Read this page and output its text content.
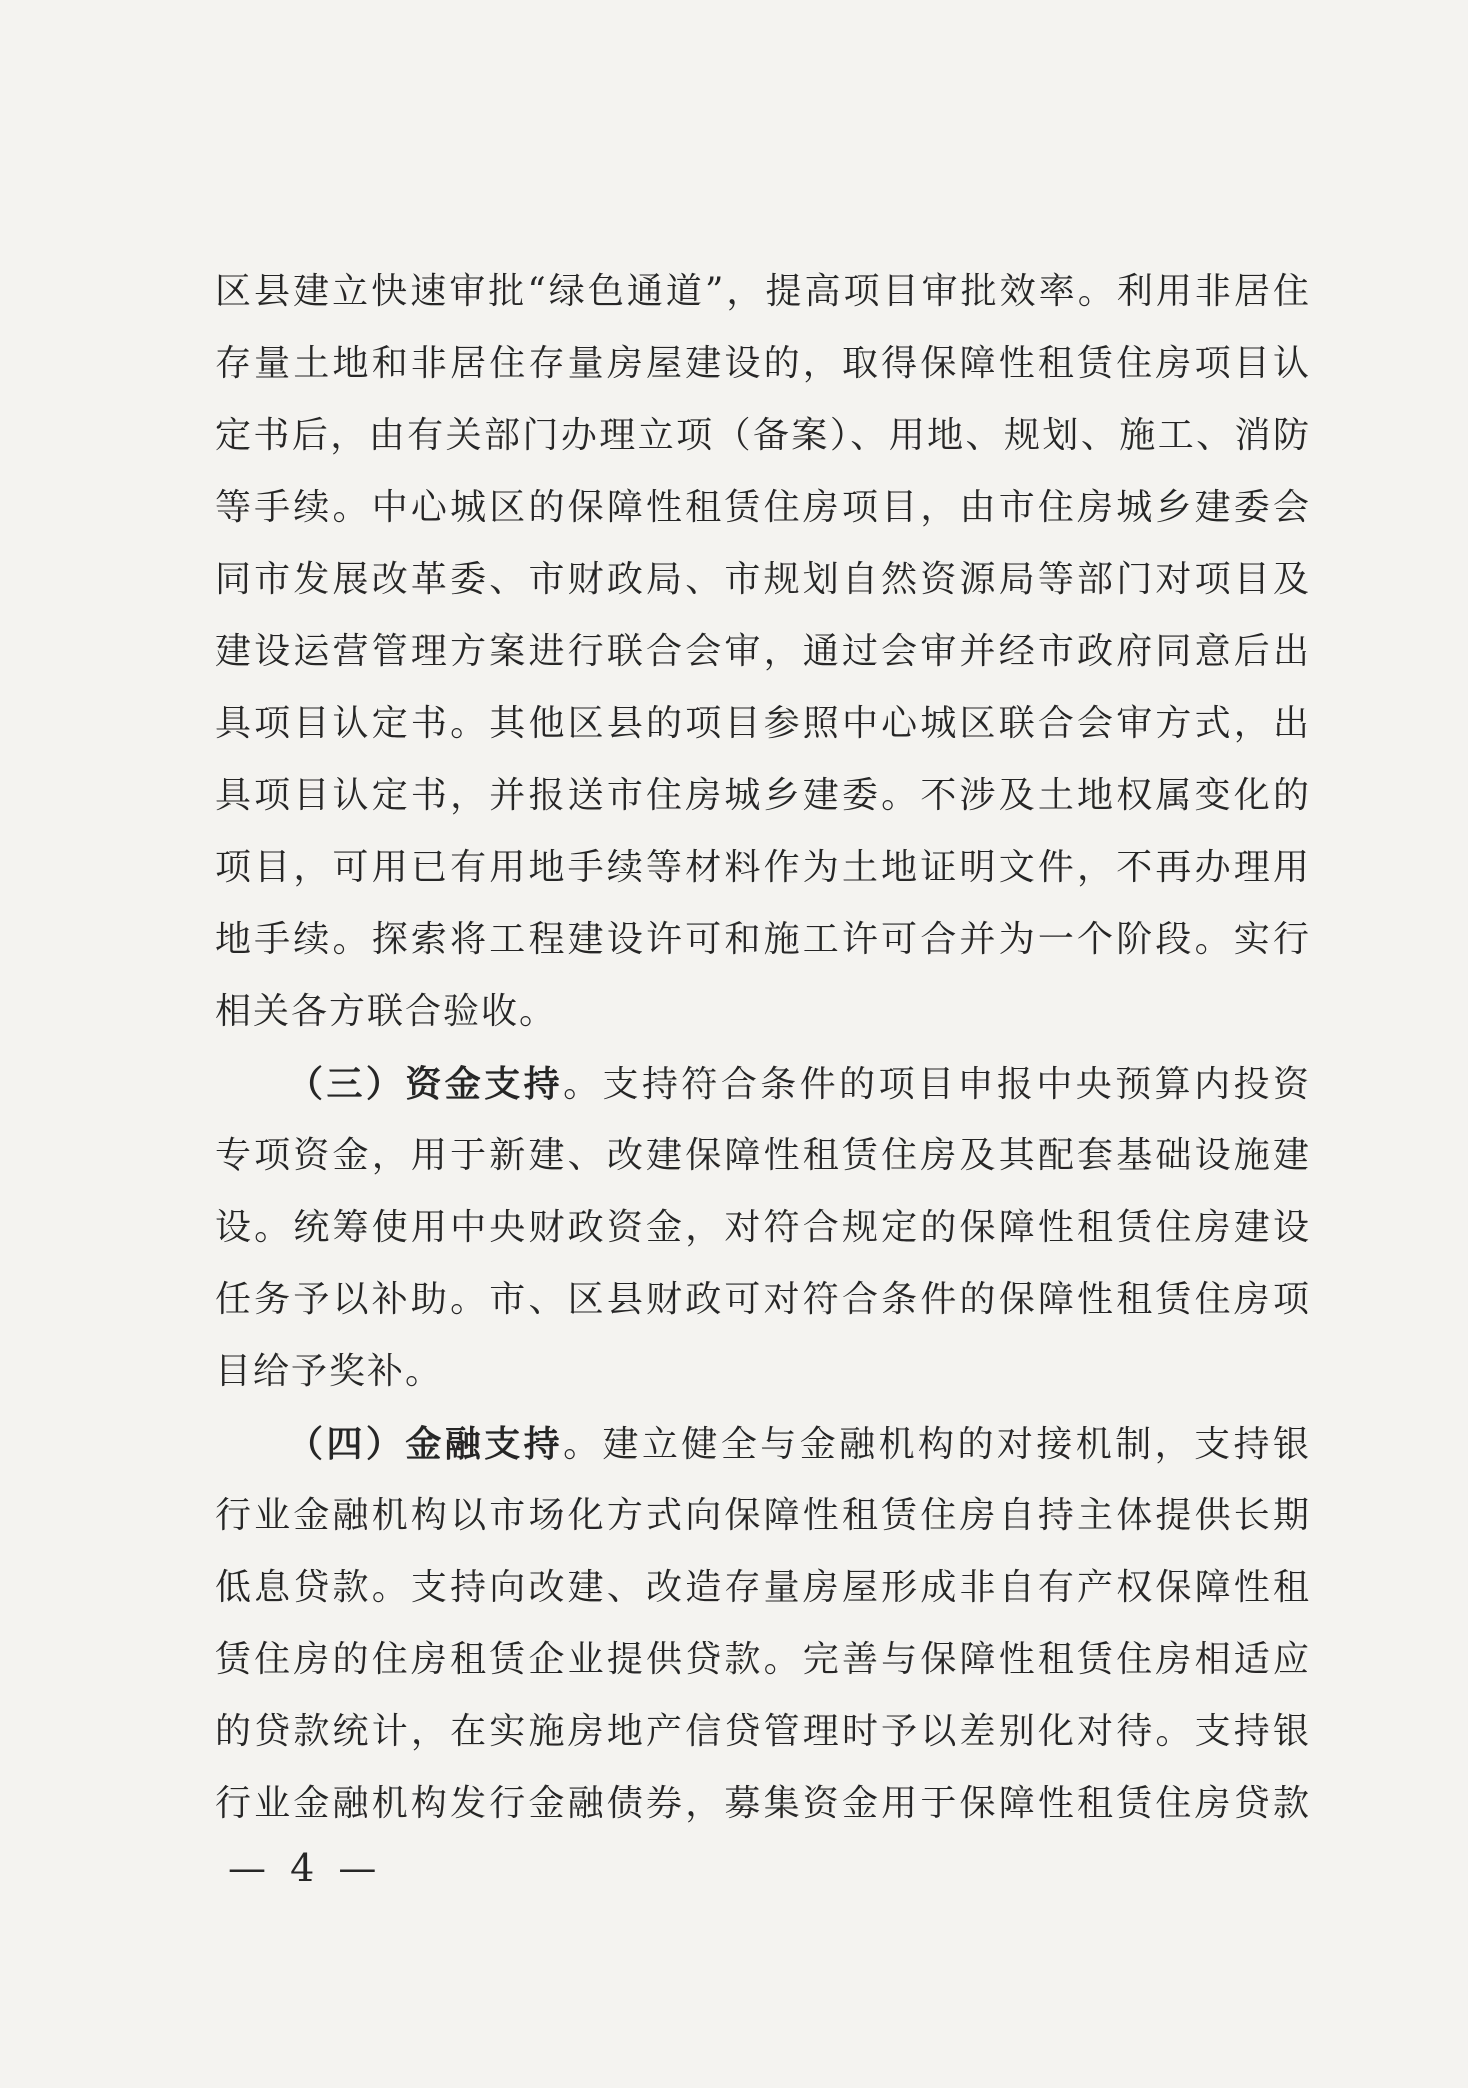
区县建立快速审批“绿色通道”，提高项目审批效率。利用非居住
存量土地和非居住存量房屋建设的，取得保障性租赁住房项目认
定书后，由有关部门办理立项（备案）、用地、规划、施工、消防
等手续。中心城区的保障性租赁住房项目，由市住房城乡建委会
同市发展改革委、市财政局、市规划自然资源局等部门对项目及
建设运营管理方案进行联合会审，通过会审并经市政府同意后出
具项目认定书。其他区县的项目参照中心城区联合会审方式，出
具项目认定书，并报送市住房城乡建委。不涉及土地权属变化的
项目，可用已有用地手续等材料作为土地证明文件，不再办理用
地手续。探索将工程建设许可和施工许可合并为一个阶段。实行
相关各方联合验收。
（三）资金支持。支持符合条件的项目申报中央预算内投资
专项资金，用于新建、改建保障性租赁住房及其配套基础设施建
设。统筹使用中央财政资金，对符合规定的保障性租赁住房建设
任务予以补助。市、区县财政可对符合条件的保障性租赁住房项
目给予奖补。
（四）金融支持。建立健全与金融机构的对接机制，支持银
行业金融机构以市场化方式向保障性租赁住房自持主体提供长期
低息贷款。支持向改建、改造存量房屋形成非自有产权保障性租
赁住房的住房租赁企业提供贷款。完善与保障性租赁住房相适应
的贷款统计，在实施房地产信贷管理时予以差别化对待。支持银
行业金融机构发行金融债券，募集资金用于保障性租赁住房贷款
— 4 —
